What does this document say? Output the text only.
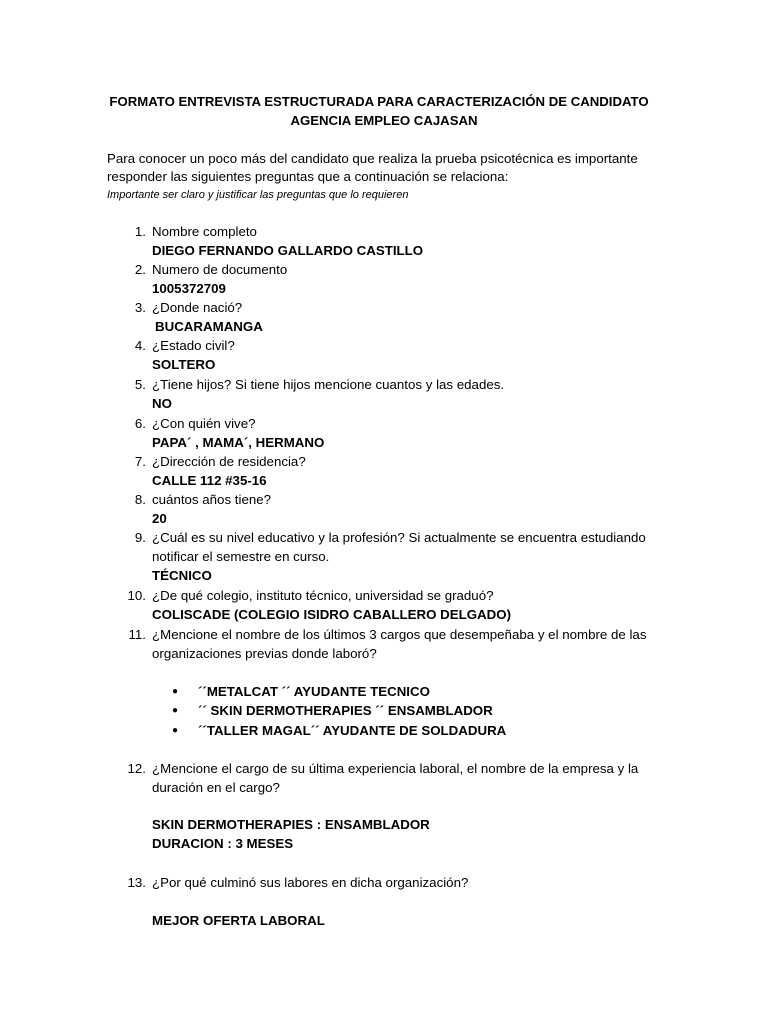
FORMATO ENTREVISTA ESTRUCTURADA PARA CARACTERIZACIÓN DE CANDIDATO
AGENCIA EMPLEO CAJASAN
Para conocer un poco más del candidato que realiza la prueba psicotécnica es importante responder las siguientes preguntas que a continuación se relaciona:
Importante ser claro y justificar las preguntas que lo requieren
1. Nombre completo
DIEGO FERNANDO GALLARDO CASTILLO
2. Numero de documento
1005372709
3. ¿Donde nació?
BUCARAMANGA
4. ¿Estado civil?
SOLTERO
5. ¿Tiene hijos? Si tiene hijos mencione cuantos y las edades.
NO
6. ¿Con quién vive?
PAPA´ , MAMA´, HERMANO
7. ¿Dirección de residencia?
CALLE 112 #35-16
8. cuántos años tiene?
20
9. ¿Cuál es su nivel educativo y la profesión? Si actualmente se encuentra estudiando notificar el semestre en curso.
TÉCNICO
10. ¿De qué colegio, instituto técnico, universidad se graduó?
COLISCADE (COLEGIO ISIDRO CABALLERO DELGADO)
11. ¿Mencione el nombre de los últimos 3 cargos que desempeñaba y el nombre de las organizaciones previas donde laboró?
● ´´METALCAT ´´ AYUDANTE TECNICO
● ´´ SKIN DERMOTHERAPIES ´´ ENSAMBLADOR
● ´´TALLER MAGAL´´ AYUDANTE DE SOLDADURA
12. ¿Mencione el cargo de su última experiencia laboral, el nombre de la empresa y la duración en el cargo?
SKIN DERMOTHERAPIES : ENSAMBLADOR
DURACION : 3 MESES
13. ¿Por qué culminó sus labores en dicha organización?
MEJOR OFERTA LABORAL
